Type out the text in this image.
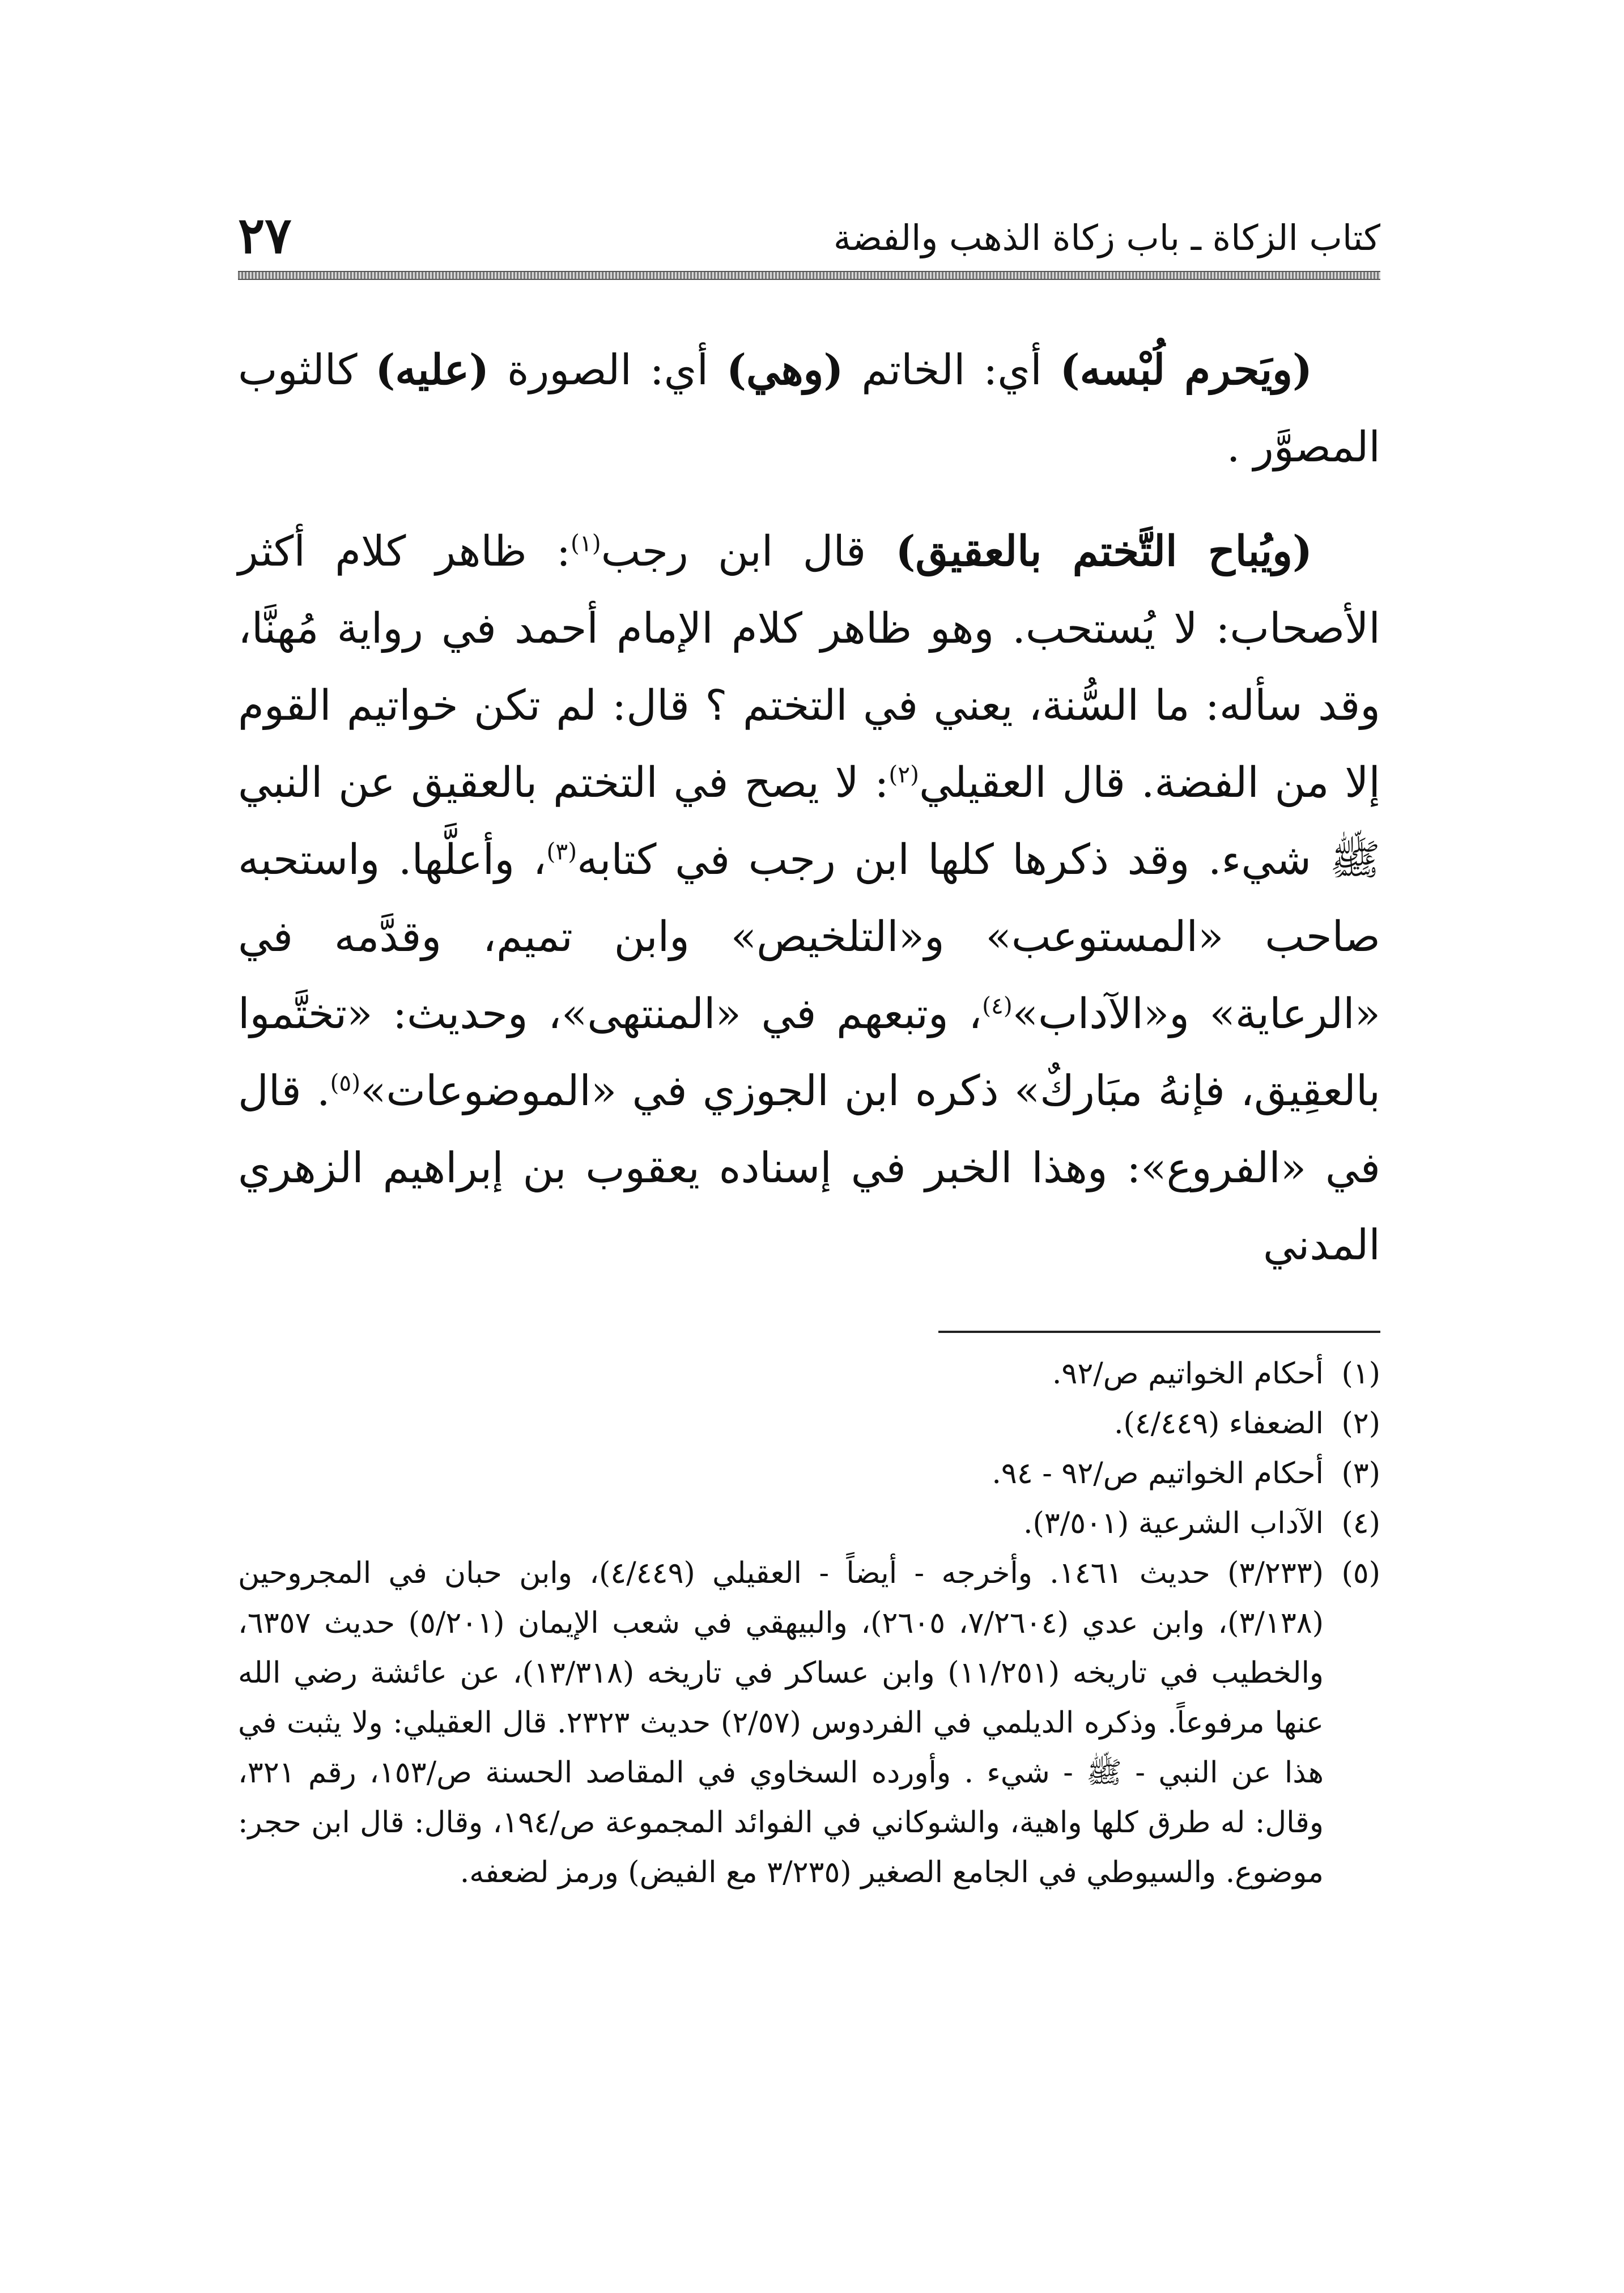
٢٧	كتاب الزكاة ـ باب زكاة الذهب والفضة

(ويَحرم لُبْسه) أي: الخاتم (وهي) أي: الصورة (عليه) كالثوب المصوَّر .

(ويُباح التَّختم بالعقيق) قال ابن رجب$^{(١)}$: ظاهر كلام أكثر الأصحاب: لا يُستحب. وهو ظاهر كلام الإمام أحمد في رواية مُهنَّا، وقد سأله: ما السُّنة، يعني في التختم ؟ قال: لم تكن خواتيم القوم إلا من الفضة. قال العقيلي$^{(٢)}$: لا يصح في التختم بالعقيق عن النبي ﷺ شيء. وقد ذكرها كلها ابن رجب في كتابه$^{(٣)}$، وأعلَّها. واستحبه صاحب «المستوعب» و«التلخيص» وابن تميم، وقدَّمه في «الرعاية» و«الآداب»$^{(٤)}$، وتبعهم في «المنتهى»، وحديث: «تختَّموا بالعقِيق، فإنهُ مبَاركٌ» ذكره ابن الجوزي في «الموضوعات»$^{(٥)}$. قال في «الفروع»: وهذا الخبر في إسناده يعقوب بن إبراهيم الزهري المدني

(١)
أحكام الخواتيم ص/٩٢.
(٢)
الضعفاء (٤/٤٤٩).
(٣)
أحكام الخواتيم ص/٩٢ - ٩٤.
(٤)
الآداب الشرعية (٣/٥٠١).
(٥)
(٣/٢٣٣) حديث ١٤٦١. وأخرجه - أيضاً - العقيلي (٤/٤٤٩)، وابن حبان في المجروحين (٣/١٣٨)، وابن عدي (٧/٢٦٠٤، ٢٦٠٥)، والبيهقي في شعب الإيمان (٥/٢٠١) حديث ٦٣٥٧، والخطيب في تاريخه (١١/٢٥١) وابن عساكر في تاريخه (١٣/٣١٨)، عن عائشة رضي الله عنها مرفوعاً. وذكره الديلمي في الفردوس (٢/٥٧) حديث ٢٣٢٣. قال العقيلي: ولا يثبت في هذا عن النبي - ﷺ - شيء . وأورده السخاوي في المقاصد الحسنة ص/١٥٣، رقم ٣٢١، وقال: له طرق كلها واهية، والشوكاني في الفوائد المجموعة ص/١٩٤، وقال: قال ابن حجر: موضوع. والسيوطي في الجامع الصغير (٣/٢٣٥ مع الفيض) ورمز لضعفه.
